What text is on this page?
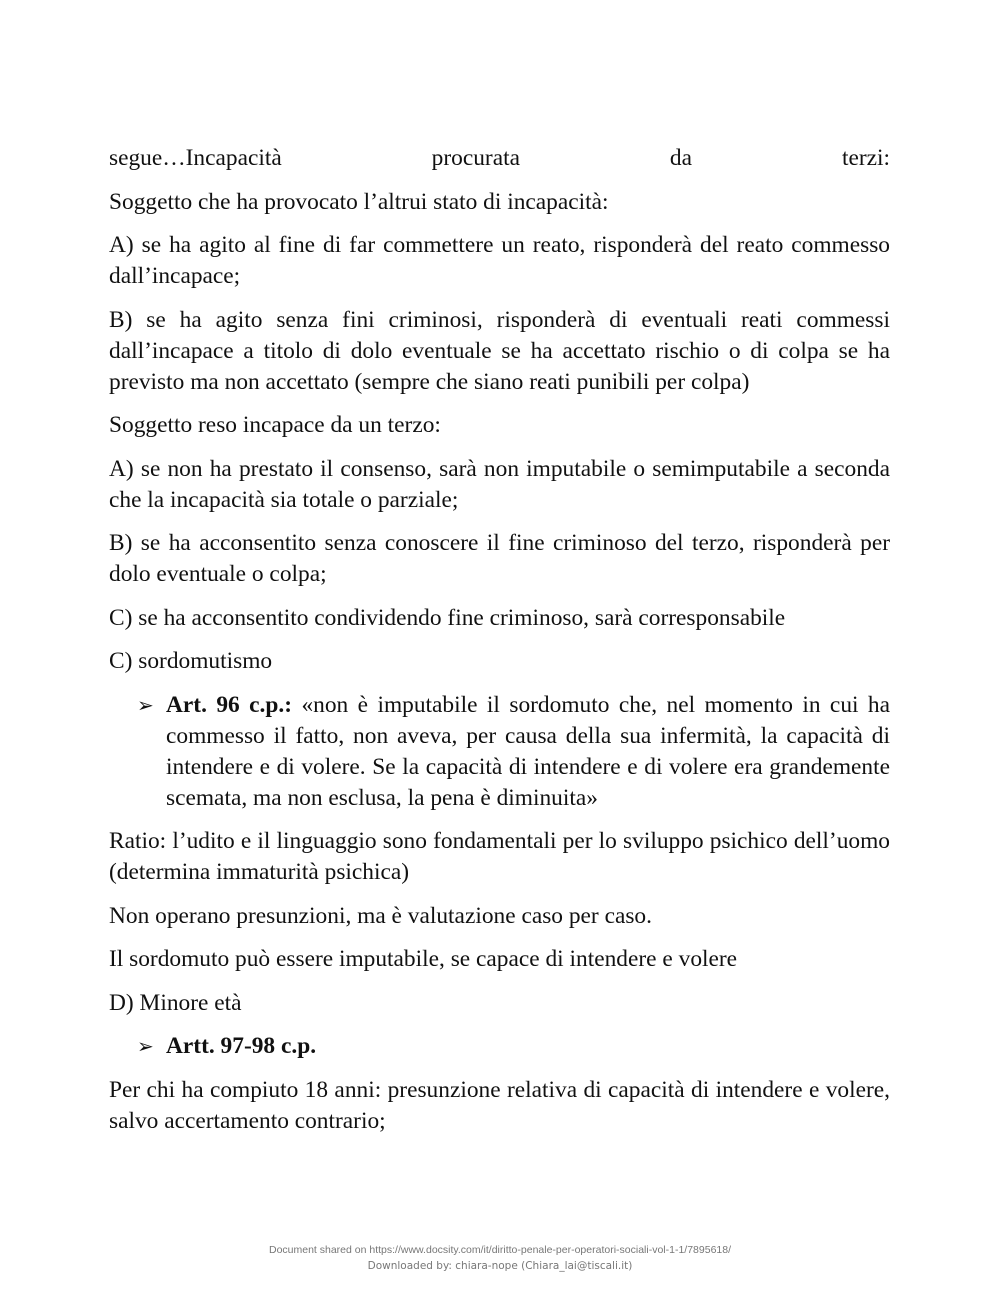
segue…Incapacità procurata da terzi:
Soggetto che ha provocato l’altrui stato di incapacità:
A) se ha agito al fine di far commettere un reato, risponderà del reato commesso dall’incapace;
B) se ha agito senza fini criminosi, risponderà di eventuali reati commessi dall’incapace a titolo di dolo eventuale se ha accettato rischio o di colpa se ha previsto ma non accettato (sempre che siano reati punibili per colpa)
Soggetto reso incapace da un terzo:
A) se non ha prestato il consenso, sarà non imputabile o semimputabile a seconda che la incapacità sia totale o parziale;
B) se ha acconsentito senza conoscere il fine criminoso del terzo, risponderà per dolo eventuale o colpa;
C) se ha acconsentito condividendo fine criminoso, sarà corresponsabile
C) sordomutismo
➢ Art. 96 c.p.: «non è imputabile il sordomuto che, nel momento in cui ha commesso il fatto, non aveva, per causa della sua infermità, la capacità di intendere e di volere. Se la capacità di intendere e di volere era grandemente scemata, ma non esclusa, la pena è diminuita»
Ratio: l’udito e il linguaggio sono fondamentali per lo sviluppo psichico dell’uomo (determina immaturità psichica)
Non operano presunzioni, ma è valutazione caso per caso.
Il sordomuto può essere imputabile, se capace di intendere e volere
D) Minore età
➢ Artt. 97-98 c.p.
Per chi ha compiuto 18 anni: presunzione relativa di capacità di intendere e volere, salvo accertamento contrario;
Document shared on https://www.docsity.com/it/diritto-penale-per-operatori-sociali-vol-1-1/7895618/
Downloaded by: chiara-nope (Chiara_lai@tiscali.it)
